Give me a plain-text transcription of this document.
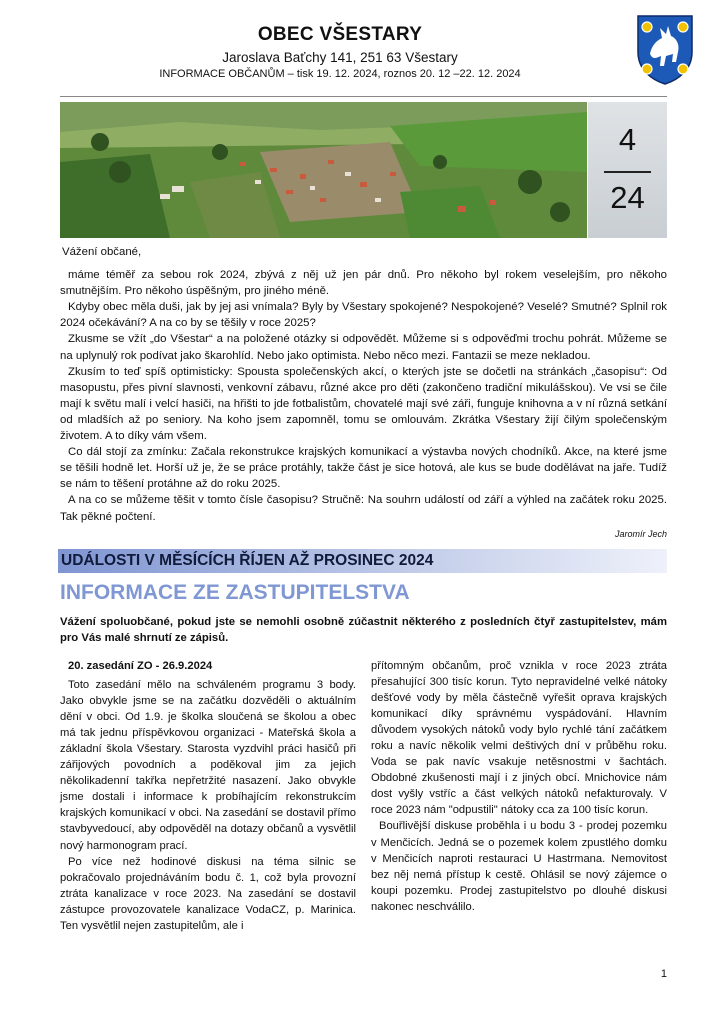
OBEC VŠESTARY
Jaroslava Baťchy 141, 251 63 Všestary
INFORMACE OBČANŮM – tisk 19. 12. 2024, roznos 20. 12 –22. 12. 2024
4
24

Vážení občané,

máme téměř za sebou rok 2024, zbývá z něj už jen pár dnů. Pro někoho byl rokem veselejším, pro někoho smutnějším. Pro někoho úspěšným, pro jiného méně.

Kdyby obec měla duši, jak by jej asi vnímala? Byly by Všestary spokojené? Nespokojené? Veselé? Smutné? Splnil rok 2024 očekávání? A na co by se těšily v roce 2025?

Zkusme se vžít „do Všestar“ a na položené otázky si odpovědět. Můžeme si s odpověďmi trochu pohrát. Můžeme se na uplynulý rok podívat jako škarohlíd. Nebo jako optimista. Nebo něco mezi. Fantazii se meze nekladou.

Zkusím to teď spíš optimisticky: Spousta společenských akcí, o kterých jste se dočetli na stránkách „časopisu“: Od masopustu, přes pivní slavnosti, venkovní zábavu, různé akce pro děti (zakončeno tradiční mikulášskou). Ve vsi se čile mají k světu malí i velcí hasiči, na hřišti to jde fotbalistům, chovatelé mají své záři, funguje knihovna a v ní různá setkání od mladších až po seniory. Na koho jsem zapomněl, tomu se omlouvám. Zkrátka Všestary žijí čilým společenským životem. A to díky vám všem.

Co dál stojí za zmínku: Začala rekonstrukce krajských komunikací a výstavba nových chodníků. Akce, na které jsme se těšili hodně let. Horší už je, že se práce protáhly, takže část je sice hotová, ale kus se bude dodělávat na jaře. Tudíž se nám to těšení protáhne až do roku 2025.

A na co se můžeme těšit v tomto čísle časopisu? Stručně: Na souhrn událostí od září a výhled na začátek roku 2025. Tak pěkné počtení.

Jaromír Jech
UDÁLOSTI V MĚSÍCÍCH ŘÍJEN AŽ PROSINEC 2024
INFORMACE ZE ZASTUPITELSTVA
Vážení spoluobčané, pokud jste se nemohli osobně zúčastnit některého z posledních čtyř zastupitelstev, mám pro Vás malé shrnutí ze zápisů.

20. zasedání ZO - 26.9.2024

Toto zasedání mělo na schváleném programu 3 body. Jako obvykle jsme se na začátku dozvěděli o aktuálním dění v obci. Od 1.9. je školka sloučená se školou a obec má tak jednu příspěvkovou organizaci - Mateřská škola a základní škola Všestary. Starosta vyzdvihl práci hasičů při zářijových povodních a poděkoval jim za jejich několikadenní takřka nepřetržité nasazení. Jako obvykle jsme dostali i informace k probíhajícím rekonstrukcím krajských komunikací v obci. Na zasedání se dostavil přímo stavbyvedoucí, aby odpověděl na dotazy občanů a vysvětlil nový harmonogram prací.

Po více než hodinové diskusi na téma silnic se pokračovalo projednáváním bodu č. 1, což byla provozní ztráta kanalizace v roce 2023. Na zasedání se dostavil zástupce provozovatele kanalizace VodaCZ, p. Marinica. Ten vysvětlil nejen zastupitelům, ale i

přítomným občanům, proč vznikla v roce 2023 ztráta přesahující 300 tisíc korun. Tyto nepravidelné velké nátoky dešťové vody by měla částečně vyřešit oprava krajských komunikací díky správnému vyspádování. Hlavním důvodem vysokých nátoků vody bylo rychlé tání začátkem roku a navíc několik velmi deštivých dní v průběhu roku. Voda se pak navíc vsakuje netěsnostmi v šachtách. Obdobné zkušenosti mají i z jiných obcí. Mnichovice nám dost vyšly vstříc a část velkých nátoků nefakturovaly. V roce 2023 nám "odpustili" nátoky cca za 100 tisíc korun.

Bouřlivější diskuse proběhla i u bodu 3 - prodej pozemku v Menčicích. Jedná se o pozemek kolem zpustlého domku v Menčicích naproti restauraci U Hastrmana. Nemovitost bez něj nemá přístup k cestě. Ohlásil se nový zájemce o koupi pozemku. Prodej zastupitelstvo po dlouhé diskusi nakonec neschválilo.

1
